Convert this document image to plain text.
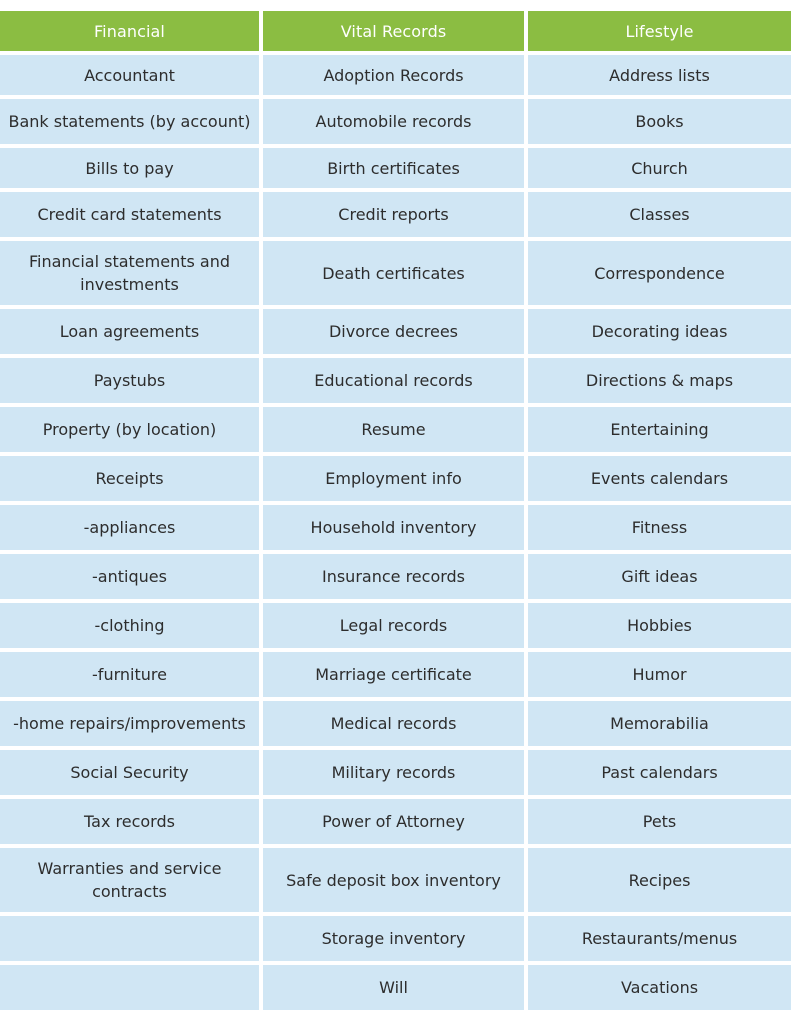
Financial	Vital Records	Lifestyle
Accountant	Adoption Records	Address lists
Bank statements (by account)	Automobile records	Books
Bills to pay	Birth certificates	Church
Credit card statements	Credit reports	Classes
Financial statements and investments	Death certificates	Correspondence
Loan agreements	Divorce decrees	Decorating ideas
Paystubs	Educational records	Directions & maps
Property (by location)	Resume	Entertaining
Receipts	Employment info	Events calendars
-appliances	Household inventory	Fitness
-antiques	Insurance records	Gift ideas
-clothing	Legal records	Hobbies
-furniture	Marriage certificate	Humor
-home repairs/improvements	Medical records	Memorabilia
Social Security	Military records	Past calendars
Tax records	Power of Attorney	Pets
Warranties and service contracts	Safe deposit box inventory	Recipes
	Storage inventory	Restaurants/menus
	Will	Vacations
